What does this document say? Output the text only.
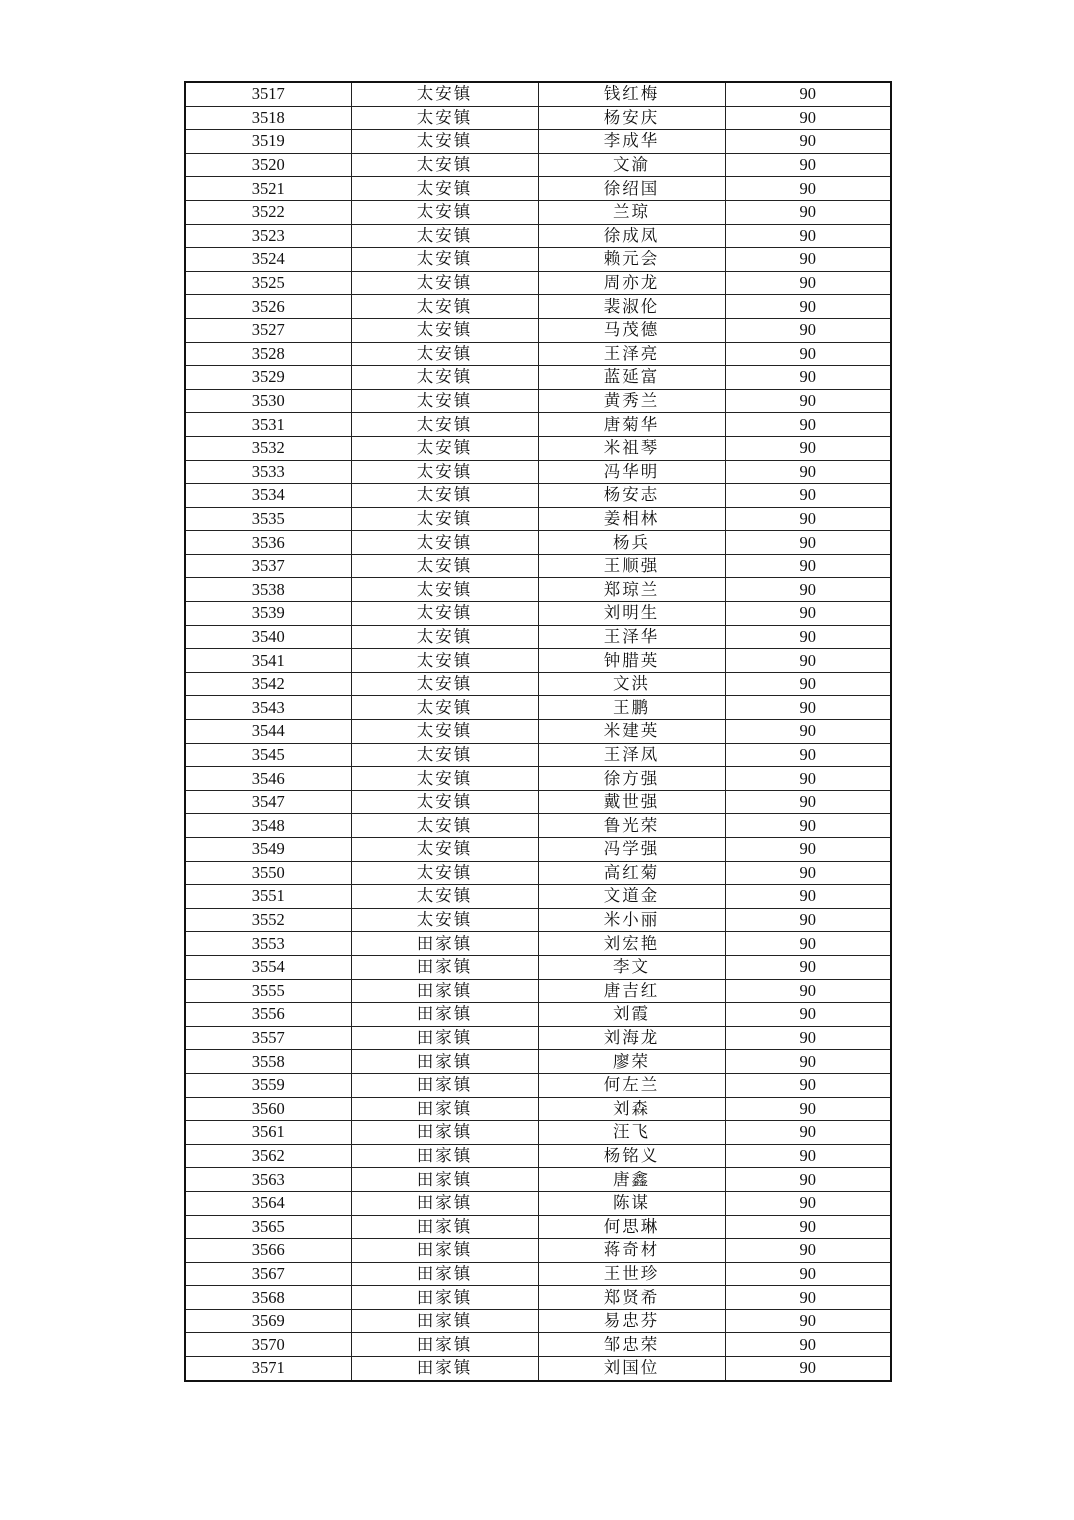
3517	太安镇	钱红梅	90
3518	太安镇	杨安庆	90
3519	太安镇	李成华	90
3520	太安镇	文渝	90
3521	太安镇	徐绍国	90
3522	太安镇	兰琼	90
3523	太安镇	徐成凤	90
3524	太安镇	赖元会	90
3525	太安镇	周亦龙	90
3526	太安镇	裴淑伦	90
3527	太安镇	马茂德	90
3528	太安镇	王泽亮	90
3529	太安镇	蓝延富	90
3530	太安镇	黄秀兰	90
3531	太安镇	唐菊华	90
3532	太安镇	米祖琴	90
3533	太安镇	冯华明	90
3534	太安镇	杨安志	90
3535	太安镇	姜相林	90
3536	太安镇	杨兵	90
3537	太安镇	王顺强	90
3538	太安镇	郑琼兰	90
3539	太安镇	刘明生	90
3540	太安镇	王泽华	90
3541	太安镇	钟腊英	90
3542	太安镇	文洪	90
3543	太安镇	王鹏	90
3544	太安镇	米建英	90
3545	太安镇	王泽凤	90
3546	太安镇	徐方强	90
3547	太安镇	戴世强	90
3548	太安镇	鲁光荣	90
3549	太安镇	冯学强	90
3550	太安镇	高红菊	90
3551	太安镇	文道金	90
3552	太安镇	米小丽	90
3553	田家镇	刘宏艳	90
3554	田家镇	李文	90
3555	田家镇	唐吉红	90
3556	田家镇	刘霞	90
3557	田家镇	刘海龙	90
3558	田家镇	廖荣	90
3559	田家镇	何左兰	90
3560	田家镇	刘森	90
3561	田家镇	汪飞	90
3562	田家镇	杨铭义	90
3563	田家镇	唐鑫	90
3564	田家镇	陈谋	90
3565	田家镇	何思琳	90
3566	田家镇	蒋奇材	90
3567	田家镇	王世珍	90
3568	田家镇	郑贤希	90
3569	田家镇	易忠芬	90
3570	田家镇	邹忠荣	90
3571	田家镇	刘国位	90
